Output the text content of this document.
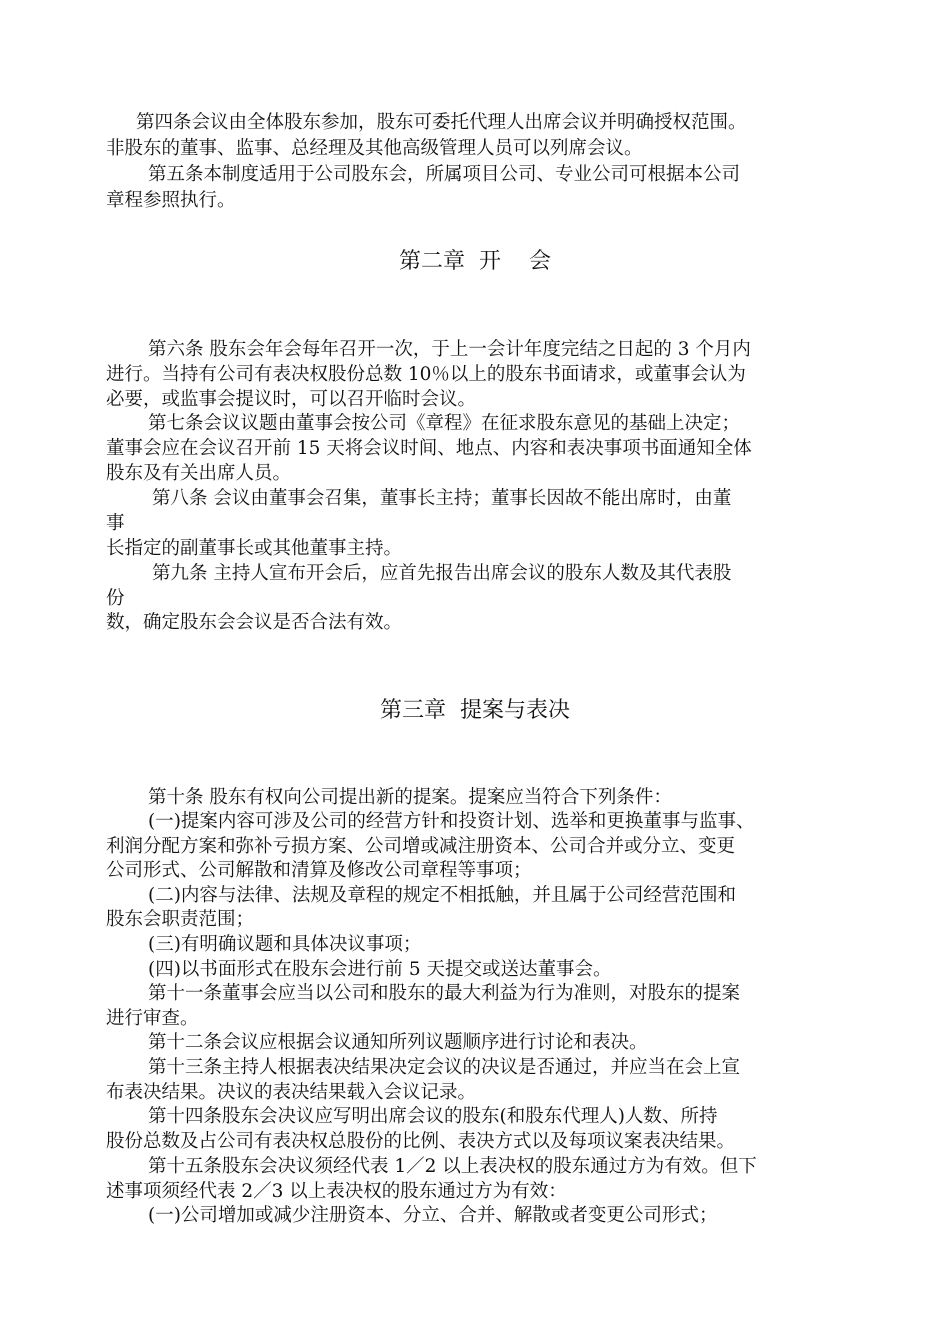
第四条会议由全体股东参加，股东可委托代理人出席会议并明确授权范围。
非股东的董事、监事、总经理及其他高级管理人员可以列席会议。
第五条本制度适用于公司股东会，所属项目公司、专业公司可根据本公司
章程参照执行。
第二章  开    会
第六条 股东会年会每年召开一次，于上一会计年度完结之日起的 3 个月内
进行。当持有公司有表决权股份总数 10％以上的股东书面请求，或董事会认为
必要，或监事会提议时，可以召开临时会议。
第七条会议议题由董事会按公司《章程》在征求股东意见的基础上决定；
董事会应在会议召开前 15 天将会议时间、地点、内容和表决事项书面通知全体
股东及有关出席人员。
第八条 会议由董事会召集，董事长主持；董事长因故不能出席时，由董
事
长指定的副董事长或其他董事主持。
第九条 主持人宣布开会后，应首先报告出席会议的股东人数及其代表股
份
数，确定股东会会议是否合法有效。
第三章  提案与表决
第十条 股东有权向公司提出新的提案。提案应当符合下列条件：
(一)提案内容可涉及公司的经营方针和投资计划、选举和更换董事与监事、
利润分配方案和弥补亏损方案、公司增或减注册资本、公司合并或分立、变更
公司形式、公司解散和清算及修改公司章程等事项；
(二)内容与法律、法规及章程的规定不相抵触，并且属于公司经营范围和
股东会职责范围；
(三)有明确议题和具体决议事项；
(四)以书面形式在股东会进行前 5 天提交或送达董事会。
第十一条董事会应当以公司和股东的最大利益为行为准则，对股东的提案
进行审查。
第十二条会议应根据会议通知所列议题顺序进行讨论和表决。
第十三条主持人根据表决结果决定会议的决议是否通过，并应当在会上宣
布表决结果。决议的表决结果载入会议记录。
第十四条股东会决议应写明出席会议的股东(和股东代理人)人数、所持
股份总数及占公司有表决权总股份的比例、表决方式以及每项议案表决结果。
第十五条股东会决议须经代表 1／2 以上表决权的股东通过方为有效。但下
述事项须经代表 2／3 以上表决权的股东通过方为有效：
(一)公司增加或减少注册资本、分立、合并、解散或者变更公司形式；
